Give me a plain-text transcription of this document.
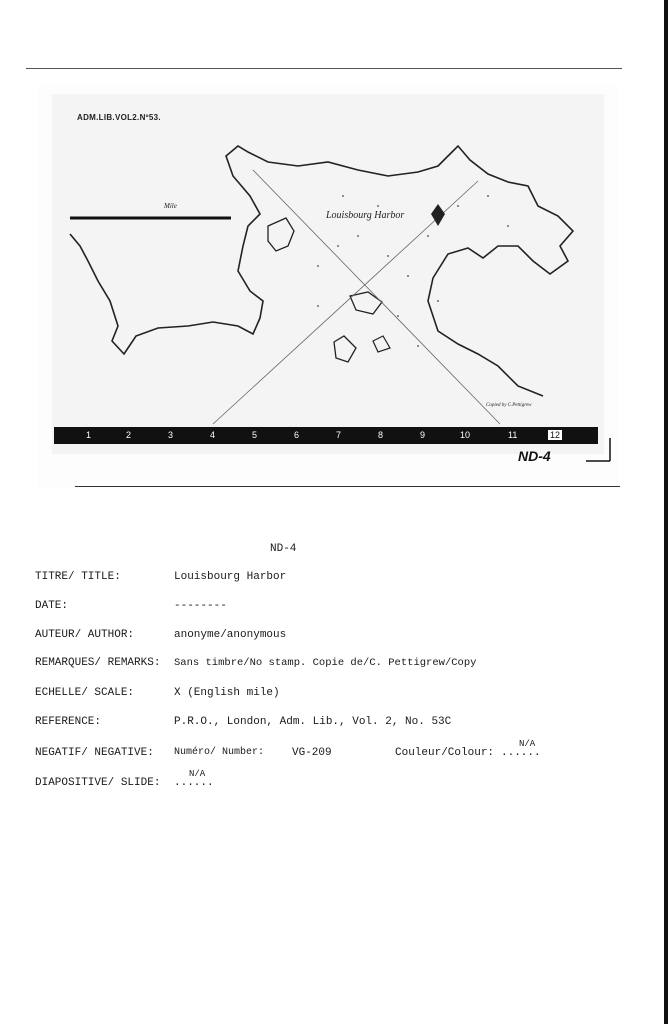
ADM.LIB.VOL2.Nº53.
Louisbourg Harbor
Mile
Copied by C.Pettigrew
1	2	3	4	5	6	7	8	9	10	11	12
ND-4
ND-4
TITRE/ TITLE:	Louisbourg Harbor
DATE:	--------
AUTEUR/ AUTHOR:	anonyme/anonymous
REMARQUES/ REMARKS: Sans timbre/No stamp. Copie de/C. Pettigrew/Copy
ECHELLE/ SCALE:	X (English mile)
REFERENCE:	P.R.O., London, Adm. Lib., Vol. 2, No. 53C
NEGATIF/ NEGATIVE: Numéro/ Number:	VG-209	Couleur/Colour: ......
N/A
DIAPOSITIVE/ SLIDE: ......
N/A
